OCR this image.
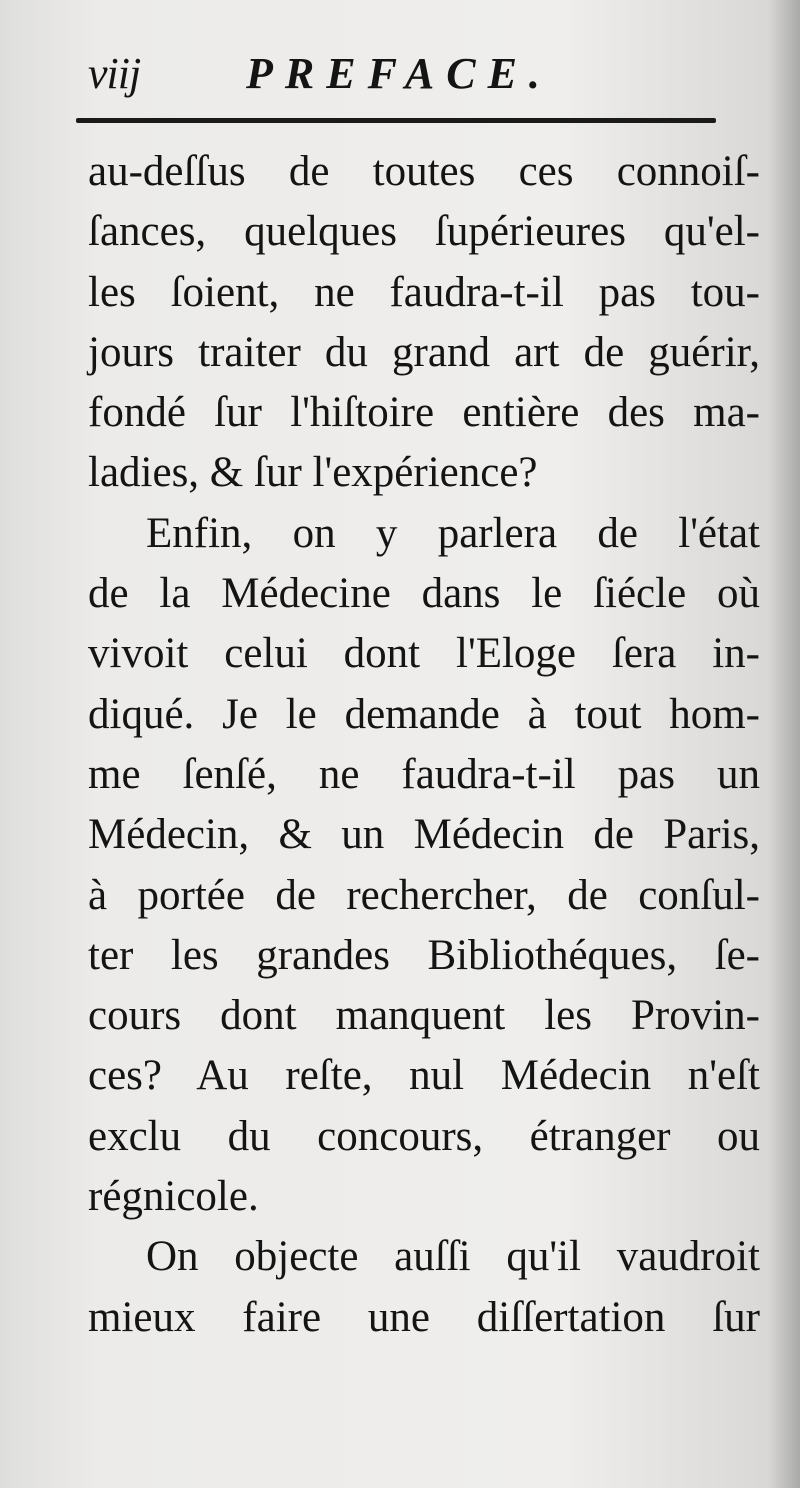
viij PREFACE.
au-deſſus de toutes ces connoiſ-
ſances, quelques ſupérieures qu'el-
les ſoient, ne faudra-t-il pas tou-
jours traiter du grand art de guérir,
fondé ſur l'hiſtoire entière des ma-
ladies, & ſur l'expérience?
Enfin, on y parlera de l'état
de la Médecine dans le ſiécle où
vivoit celui dont l'Eloge ſera in-
diqué. Je le demande à tout hom-
me ſenſé, ne faudra-t-il pas un
Médecin, & un Médecin de Paris,
à portée de rechercher, de conſul-
ter les grandes Bibliothéques, ſe-
cours dont manquent les Provin-
ces? Au reſte, nul Médecin n'eſt
exclu du concours, étranger ou
régnicole.
On objecte auſſi qu'il vaudroit
mieux faire une diſſertation ſur
